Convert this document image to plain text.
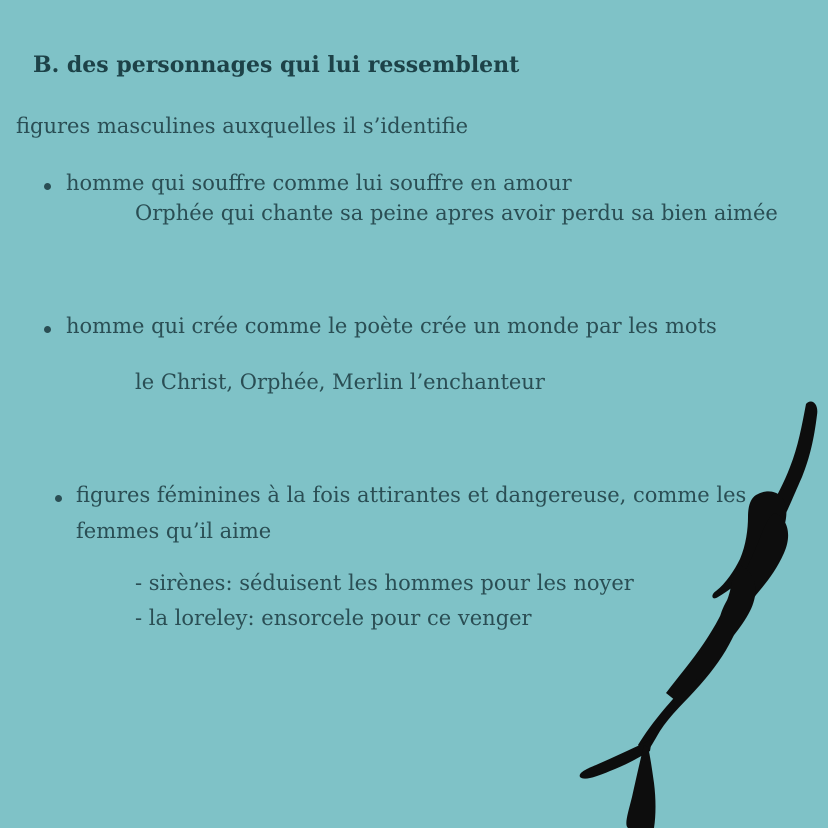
B. des personnages qui lui ressemblent
figures masculines auxquelles il s’identifie
homme qui souffre comme lui souffre en amour
Orphée qui chante sa peine apres avoir perdu sa bien aimée
homme qui crée comme le poète crée un monde par les mots
le Christ, Orphée, Merlin l’enchanteur
figures féminines à la fois attirantes et dangereuse, comme les
femmes qu’il aime
- sirènes: séduisent les hommes pour les noyer
- la loreley: ensorcele pour ce venger
